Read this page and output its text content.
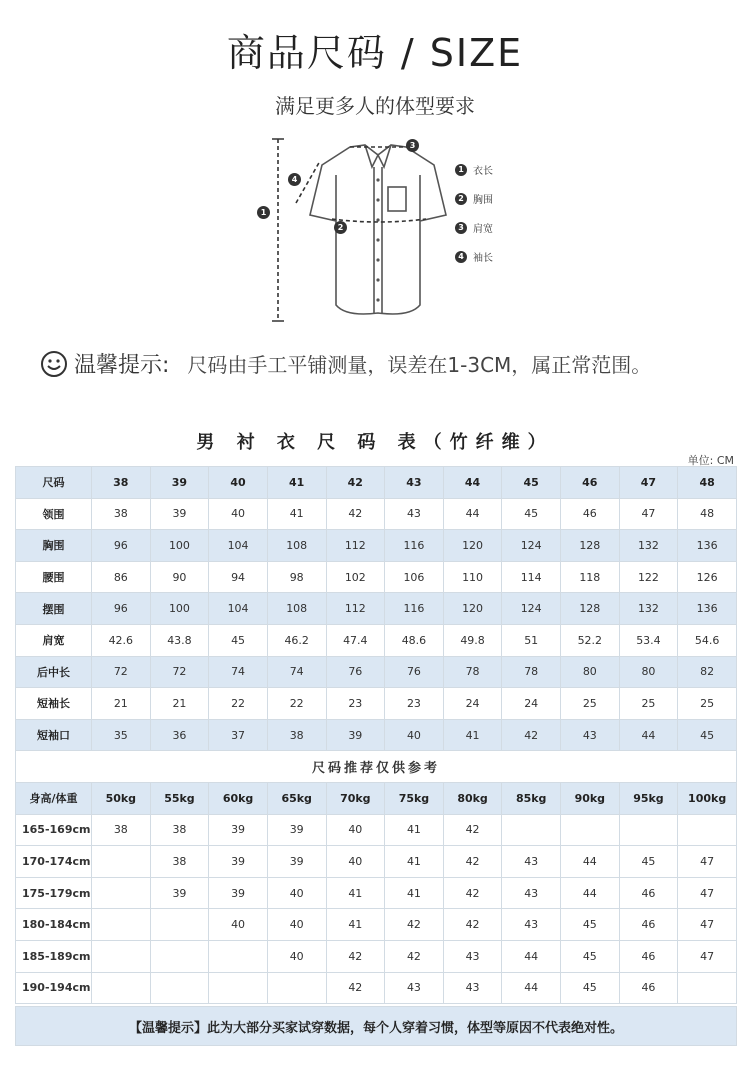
商品尺码 / SIZE
满足更多人的体型要求
1
2
3
4
1 衣长
2 胸围
3 肩宽
4 袖长
温馨提示: 尺码由手工平铺测量，误差在1-3CM，属正常范围。
男 衬 衣 尺 码 表（竹纤维）
单位: CM
尺码	38	39	40	41	42	43	44	45	46	47	48
领围	38	39	40	41	42	43	44	45	46	47	48
胸围	96	100	104	108	112	116	120	124	128	132	136
腰围	86	90	94	98	102	106	110	114	118	122	126
摆围	96	100	104	108	112	116	120	124	128	132	136
肩宽	42.6	43.8	45	46.2	47.4	48.6	49.8	51	52.2	53.4	54.6
后中长	72	72	74	74	76	76	78	78	80	80	82
短袖长	21	21	22	22	23	23	24	24	25	25	25
短袖口	35	36	37	38	39	40	41	42	43	44	45
尺码推荐仅供参考											
身高/体重	50kg	55kg	60kg	65kg	70kg	75kg	80kg	85kg	90kg	95kg	100kg
165-169cm	38	38	39	39	40	41	42				
170-174cm		38	39	39	40	41	42	43	44	45	47
175-179cm		39	39	40	41	41	42	43	44	46	47
180-184cm			40	40	41	42	42	43	45	46	47
185-189cm				40	42	42	43	44	45	46	47
190-194cm					42	43	43	44	45	46	
【温馨提示】此为大部分买家试穿数据，每个人穿着习惯，体型等原因不代表绝对性。
